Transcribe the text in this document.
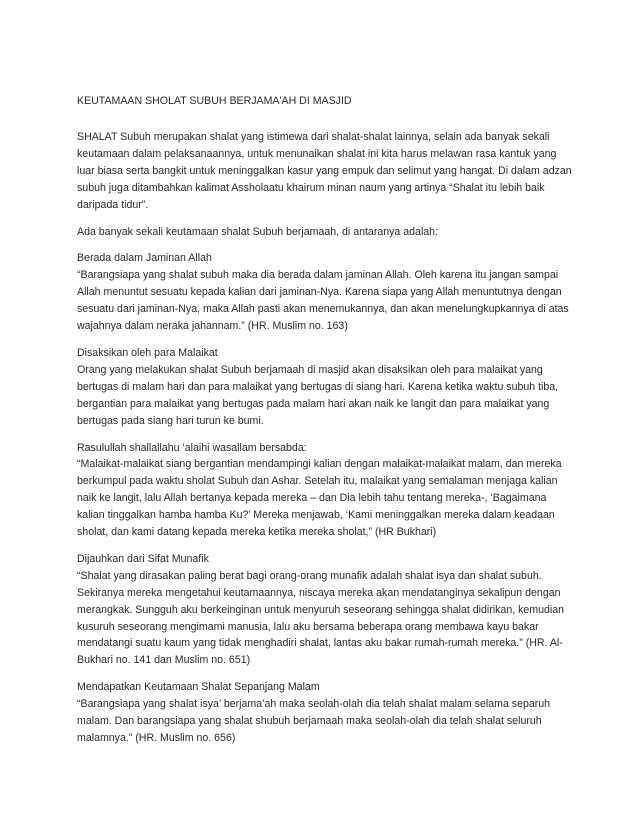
KEUTAMAAN SHOLAT SUBUH BERJAMA'AH DI MASJID
SHALAT Subuh merupakan shalat yang istimewa dari shalat-shalat lainnya, selain ada banyak sekali
keutamaan dalam pelaksanaannya, untuk menunaikan shalat ini kita harus melawan rasa kantuk yang
luar biasa serta bangkit untuk meninggalkan kasur yang empuk dan selimut yang hangat. Di dalam adzan
subuh juga ditambahkan kalimat Assholaatu khairum minan naum yang artinya “Shalat itu lebih baik
daripada tidur”.
Ada banyak sekali keutamaan shalat Subuh berjamaah, di antaranya adalah:
Berada dalam Jaminan Allah
“Barangsiapa yang shalat subuh maka dia berada dalam jaminan Allah. Oleh karena itu jangan sampai
Allah menuntut sesuatu kepada kalian dari jaminan-Nya. Karena siapa yang Allah menuntutnya dengan
sesuatu dari jaminan-Nya, maka Allah pasti akan menemukannya, dan akan menelungkupkannya di atas
wajahnya dalam neraka jahannam.” (HR. Muslim no. 163)
Disaksikan oleh para Malaikat
Orang yang melakukan shalat Subuh berjamaah di masjid akan disaksikan oleh para malaikat yang
bertugas di malam hari dan para malaikat yang bertugas di siang hari. Karena ketika waktu subuh tiba,
bergantian para malaikat yang bertugas pada malam hari akan naik ke langit dan para malaikat yang
bertugas pada siang hari turun ke bumi.
Rasulullah shallallahu ‘alaihi wasallam bersabda:
“Malaikat-malaikat siang bergantian mendampingi kalian dengan malaikat-malaikat malam, dan mereka
berkumpul pada waktu sholat Subuh dan Ashar. Setelah itu, malaikat yang semalaman menjaga kalian
naik ke langit, lalu Allah bertanya kepada mereka – dan Dia lebih tahu tentang mereka-, ‘Bagaimana
kalian tinggalkan hamba hamba Ku?’ Mereka menjawab, ‘Kami meninggalkan mereka dalam keadaan
sholat, dan kami datang kepada mereka ketika mereka sholat,” (HR Bukhari)
Dijauhkan dari Sifat Munafik
“Shalat yang dirasakan paling berat bagi orang-orang munafik adalah shalat isya dan shalat subuh.
Sekiranya mereka mengetahui keutamaannya, niscaya mereka akan mendatanginya sekalipun dengan
merangkak. Sungguh aku berkeinginan untuk menyuruh seseorang sehingga shalat didirikan, kemudian
kusuruh seseorang mengimami manusia, lalu aku bersama beberapa orang membawa kayu bakar
mendatangi suatu kaum yang tidak menghadiri shalat, lantas aku bakar rumah-rumah mereka.” (HR. Al-
Bukhari no. 141 dan Muslim no. 651)
Mendapatkan Keutamaan Shalat Sepanjang Malam
“Barangsiapa yang shalat isya’ berjama’ah maka seolah-olah dia telah shalat malam selama separuh
malam. Dan barangsiapa yang shalat shubuh berjamaah maka seolah-olah dia telah shalat seluruh
malamnya.” (HR. Muslim no. 656)
